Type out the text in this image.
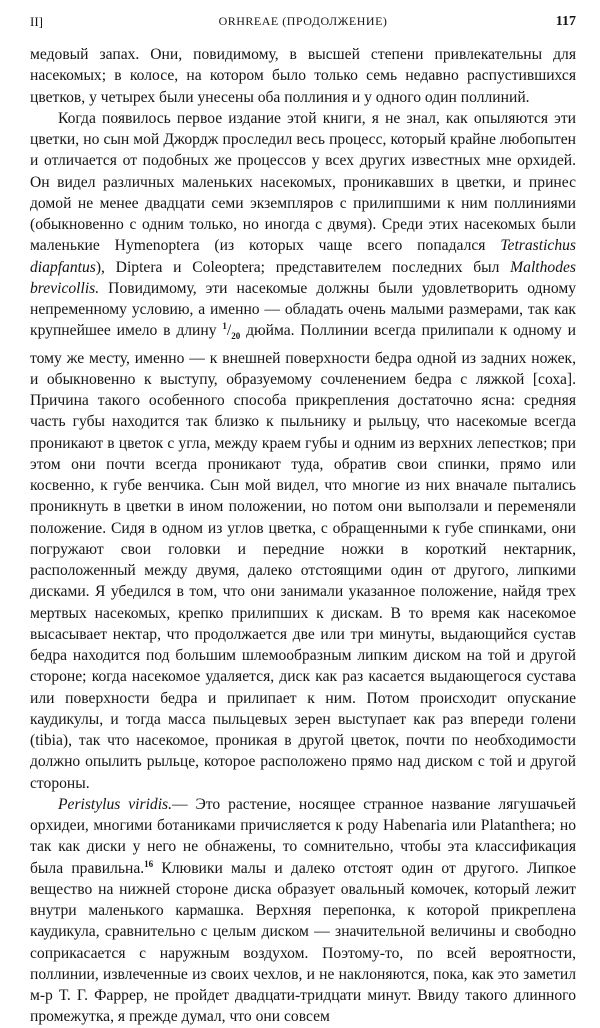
II]	ORHREAE (ПРОДОЛЖЕНИЕ)	117

медовый запах. Они, повидимому, в высшей степени привлекательны для насекомых; в колосе, на котором было только семь недавно распустившихся цветков, у четырех были унесены оба поллиния и у одного один поллиний.

Когда появилось первое издание этой книги, я не знал, как опыляются эти цветки, но сын мой Джордж проследил весь процесс, который крайне любопытен и отличается от подобных же процессов у всех других известных мне орхидей. Он видел различных маленьких насекомых, проникавших в цветки, и принес домой не менее двадцати семи экземпляров с прилипшими к ним поллиниями (обыкновенно с одним только, но иногда с двумя). Среди этих насекомых были маленькие Hymenoptera (из которых чаще всего попадался Tetrastichus diapfantus), Diptera и Coleoptera; представителем последних был Malthodes brevicollis. Повидимому, эти насекомые должны были удовлетворить одному непременному условию, а именно — обладать очень малыми размерами, так как крупнейшее имело в длину $^1/_{20}$ дюйма. Поллинии всегда прилипали к одному и тому же месту, именно — к внешней поверхности бедра одной из задних ножек, и обыкновенно к выступу, образуемому сочленением бедра с ляжкой [соха]. Причина такого особенного способа прикрепления достаточно ясна: средняя часть губы находится так близко к пыльнику и рыльцу, что насекомые всегда проникают в цветок с угла, между краем губы и одним из верхних лепестков; при этом они почти всегда проникают туда, обратив свои спинки, прямо или косвенно, к губе венчика. Сын мой видел, что многие из них вначале пытались проникнуть в цветки в ином положении, но потом они выползали и переменяли положение. Сидя в одном из углов цветка, с обращенными к губе спинками, они погружают свои головки и передние ножки в короткий нектарник, расположенный между двумя, далеко отстоящими один от другого, липкими дисками. Я убедился в том, что они занимали указанное положение, найдя трех мертвых насекомых, крепко прилипших к дискам. В то время как насекомое высасывает нектар, что продолжается две или три минуты, выдающийся сустав бедра находится под большим шлемообразным липким диском на той и другой стороне; когда насекомое удаляется, диск как раз касается выдающегося сустава или поверхности бедра и прилипает к ним. Потом происходит опускание каудикулы, и тогда масса пыльцевых зерен выступает как раз впереди голени (tibia), так что насекомое, проникая в другой цветок, почти по необходимости должно опылить рыльце, которое расположено прямо над диском с той и другой стороны.

Peristylus viridis.— Это растение, носящее странное название лягушачьей орхидеи, многими ботаниками причисляется к роду Habenaria или Platanthera; но так как диски у него не обнажены, то сомнительно, чтобы эта классификация была правильна.$^{16}$ Клювики малы и далеко отстоят один от другого. Липкое вещество на нижней стороне диска образует овальный комочек, который лежит внутри маленького кармашка. Верхняя перепонка, к которой прикреплена каудикула, сравнительно с целым диском — значительной величины и свободно соприкасается с наружным воздухом. Поэтому-то, по всей вероятности, поллинии, извлеченные из своих чехлов, и не наклоняются, пока, как это заметил м-р Т. Г. Фаррер, не пройдет двадцати-тридцати минут. Ввиду такого длинного промежутка, я прежде думал, что они совсем
